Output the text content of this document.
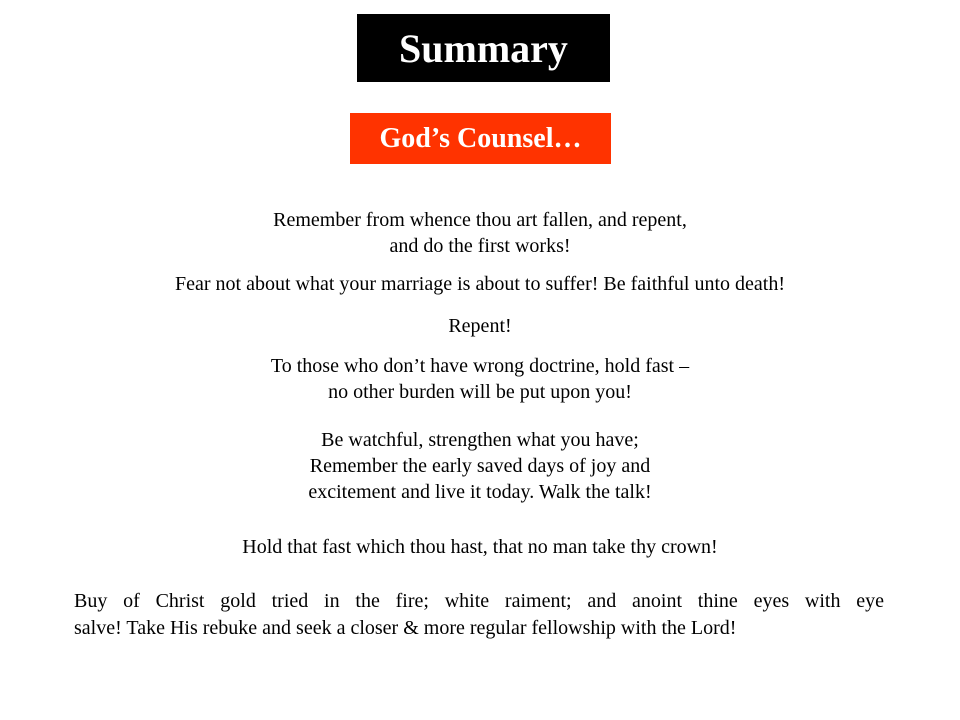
Summary
God’s Counsel…
Remember from whence thou art fallen, and repent,
and do the first works!
Fear not about what your marriage is about to suffer! Be faithful unto death!
Repent!
To those who don’t have wrong doctrine, hold fast –
no other burden will be put upon you!
Be watchful, strengthen what you have;
Remember the early saved days of joy and
excitement and live it today. Walk the talk!
Hold that fast which thou hast, that no man take thy crown!
Buy of Christ gold tried in the fire; white raiment; and anoint thine eyes with eye
salve! Take His rebuke and seek a closer & more regular fellowship with the Lord!
